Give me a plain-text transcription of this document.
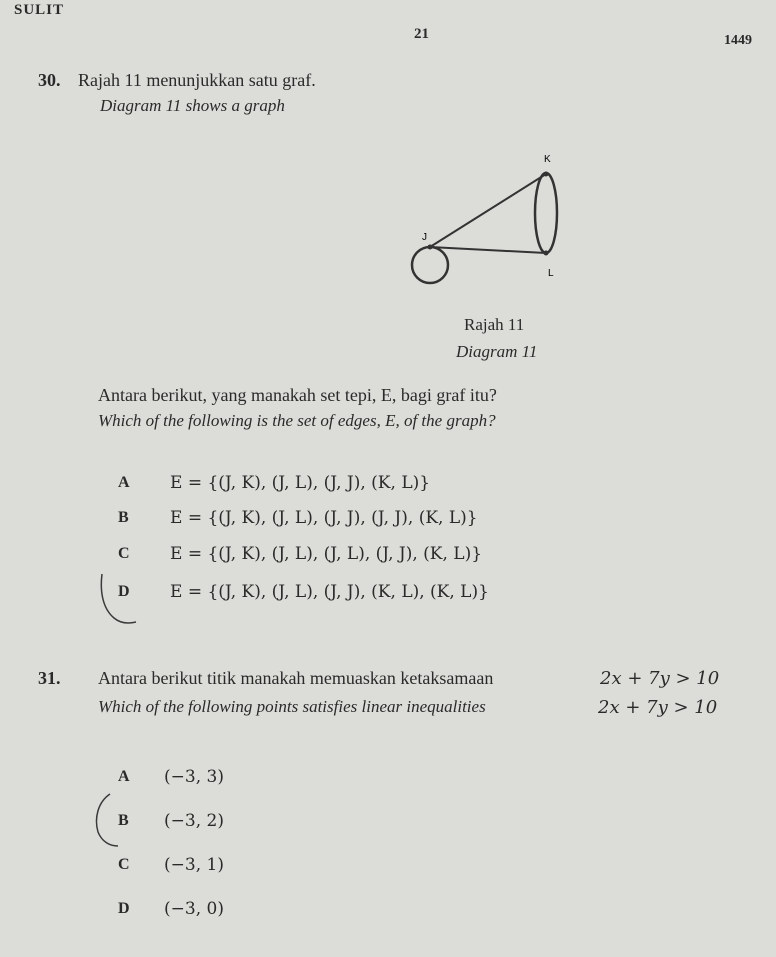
SULIT
21	1449
30. Rajah 11 menunjukkan satu graf.
Diagram 11 shows a graph
K
J
L
Rajah 11
Diagram 11
Antara berikut, yang manakah set tepi, E, bagi graf itu?
Which of the following is the set of edges, E, of the graph?
A E = {(J, K), (J, L), (J, J), (K, L)}
B E = {(J, K), (J, L), (J, J), (J, J), (K, L)}
C E = {(J, K), (J, L), (J, L), (J, J), (K, L)}
D E = {(J, K), (J, L), (J, J), (K, L), (K, L)}
31. Antara berikut titik manakah memuaskan ketaksamaan	2x + 7y > 10
Which of the following points satisfies linear inequalities	2x + 7y > 10
A (−3, 3)
B (−3, 2)
C (−3, 1)
D (−3, 0)
